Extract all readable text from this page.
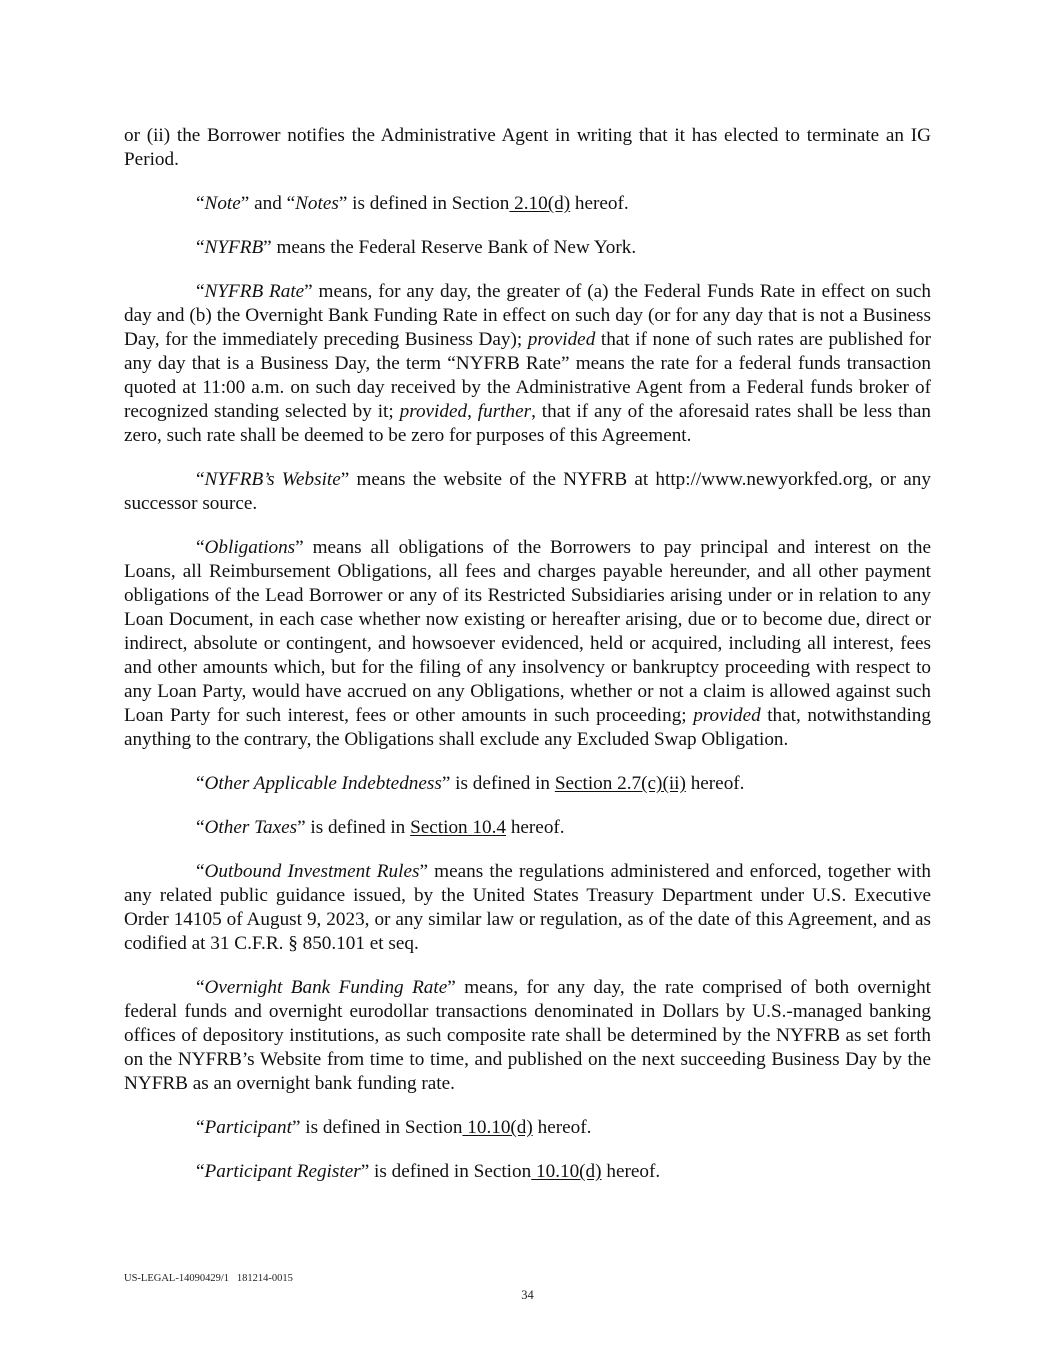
or (ii) the Borrower notifies the Administrative Agent in writing that it has elected to terminate an IG Period.

“Note” and “Notes” is defined in Section 2.10(d) hereof.

“NYFRB” means the Federal Reserve Bank of New York.

“NYFRB Rate” means, for any day, the greater of (a) the Federal Funds Rate in effect on such day and (b) the Overnight Bank Funding Rate in effect on such day (or for any day that is not a Business Day, for the immediately preceding Business Day); provided that if none of such rates are published for any day that is a Business Day, the term “NYFRB Rate” means the rate for a federal funds transaction quoted at 11:00 a.m. on such day received by the Administrative Agent from a Federal funds broker of recognized standing selected by it; provided, further, that if any of the aforesaid rates shall be less than zero, such rate shall be deemed to be zero for purposes of this Agreement.

“NYFRB’s Website” means the website of the NYFRB at http://www.newyorkfed.org, or any successor source.

“Obligations” means all obligations of the Borrowers to pay principal and interest on the Loans, all Reimbursement Obligations, all fees and charges payable hereunder, and all other payment obligations of the Lead Borrower or any of its Restricted Subsidiaries arising under or in relation to any Loan Document, in each case whether now existing or hereafter arising, due or to become due, direct or indirect, absolute or contingent, and howsoever evidenced, held or acquired, including all interest, fees and other amounts which, but for the filing of any insolvency or bankruptcy proceeding with respect to any Loan Party, would have accrued on any Obligations, whether or not a claim is allowed against such Loan Party for such interest, fees or other amounts in such proceeding; provided that, notwithstanding anything to the contrary, the Obligations shall exclude any Excluded Swap Obligation.

“Other Applicable Indebtedness” is defined in Section 2.7(c)(ii) hereof.

“Other Taxes” is defined in Section 10.4 hereof.

“Outbound Investment Rules” means the regulations administered and enforced, together with any related public guidance issued, by the United States Treasury Department under U.S. Executive Order 14105 of August 9, 2023, or any similar law or regulation, as of the date of this Agreement, and as codified at 31 C.F.R. § 850.101 et seq.

“Overnight Bank Funding Rate” means, for any day, the rate comprised of both overnight federal funds and overnight eurodollar transactions denominated in Dollars by U.S.-managed banking offices of depository institutions, as such composite rate shall be determined by the NYFRB as set forth on the NYFRB’s Website from time to time, and published on the next succeeding Business Day by the NYFRB as an overnight bank funding rate.

“Participant” is defined in Section 10.10(d) hereof.

“Participant Register” is defined in Section 10.10(d) hereof.

US-LEGAL-14090429/1   181214-0015
34
